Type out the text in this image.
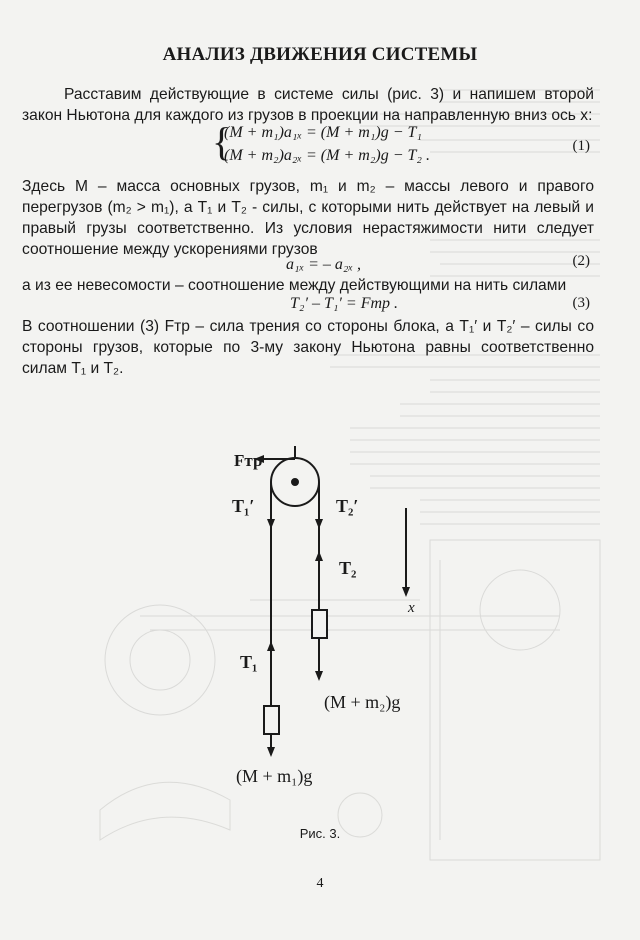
АНАЛИЗ ДВИЖЕНИЯ СИСТЕМЫ
Расставим действующие в системе силы (рис. 3) и напишем второй закон Ньютона для каждого из грузов в проекции на направленную вниз ось x:
{
(M + m₁)a₁ₓ = (M + m₁)g − T₁
(M + m₂)a₂ₓ = (M + m₂)g − T₂ .
(1)
Здесь M – масса основных грузов, m₁ и m₂ – массы левого и правого перегрузов (m₂ > m₁), а T₁ и T₂ - силы, с которыми нить действует на левый и правый грузы соответственно. Из условия нерастяжимости нити следует соотношение между ускорениями грузов
a₁ₓ = – a₂ₓ ,	(2)
а из ее невесомости – соотношение между действующими на нить силами
T₂′ – T₁′ = Fтр .	(3)
В соотношении (3) Fтр – сила трения со стороны блока, а T₁′ и T₂′ – силы со стороны грузов, которые по 3-му закону Ньютона равны соответственно силам T₁ и T₂.
Fтр
T₁′	T₂′
T₂
T₁
x
(M + m₂)g
(M + m₁)g
Рис. 3.
4
